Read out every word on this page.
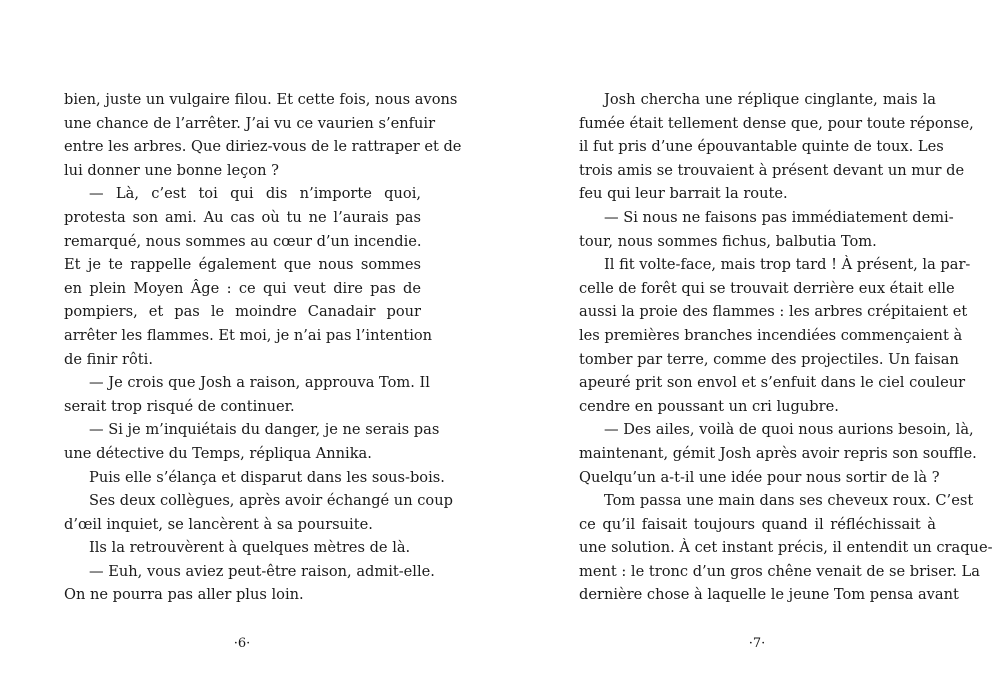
bien, juste un vulgaire filou. Et cette fois, nous avons
une chance de l’arrêter. J’ai vu ce vaurien s’enfuir
entre les arbres. Que diriez-vous de le rattraper et de
lui donner une bonne leçon ?
— Là, c’est toi qui dis n’importe quoi,
protesta son ami. Au cas où tu ne l’aurais pas
remarqué, nous sommes au cœur d’un incendie.
Et je te rappelle également que nous sommes
en plein Moyen Âge : ce qui veut dire pas de
pompiers, et pas le moindre Canadair pour
arrêter les flammes. Et moi, je n’ai pas l’intention
de finir rôti.
— Je crois que Josh a raison, approuva Tom. Il
serait trop risqué de continuer.
— Si je m’inquiétais du danger, je ne serais pas
une détective du Temps, répliqua Annika.
Puis elle s’élança et disparut dans les sous-bois.
Ses deux collègues, après avoir échangé un coup
d’œil inquiet, se lancèrent à sa poursuite.
Ils la retrouvèrent à quelques mètres de là.
— Euh, vous aviez peut-être raison, admit-elle.
On ne pourra pas aller plus loin.
·6·
Josh chercha une réplique cinglante, mais la
fumée était tellement dense que, pour toute réponse,
il fut pris d’une épouvantable quinte de toux. Les
trois amis se trouvaient à présent devant un mur de
feu qui leur barrait la route.
— Si nous ne faisons pas immédiatement demi-
tour, nous sommes fichus, balbutia Tom.
Il fit volte-face, mais trop tard ! À présent, la par-
celle de forêt qui se trouvait derrière eux était elle
aussi la proie des flammes : les arbres crépitaient et
les premières branches incendiées commençaient à
tomber par terre, comme des projectiles. Un faisan
apeuré prit son envol et s’enfuit dans le ciel couleur
cendre en poussant un cri lugubre.
— Des ailes, voilà de quoi nous aurions besoin, là,
maintenant, gémit Josh après avoir repris son souffle.
Quelqu’un a-t-il une idée pour nous sortir de là ?
Tom passa une main dans ses cheveux roux. C’est
ce qu’il faisait toujours quand il réfléchissait à
une solution. À cet instant précis, il entendit un craque-
ment : le tronc d’un gros chêne venait de se briser. La
dernière chose à laquelle le jeune Tom pensa avant
·7·
